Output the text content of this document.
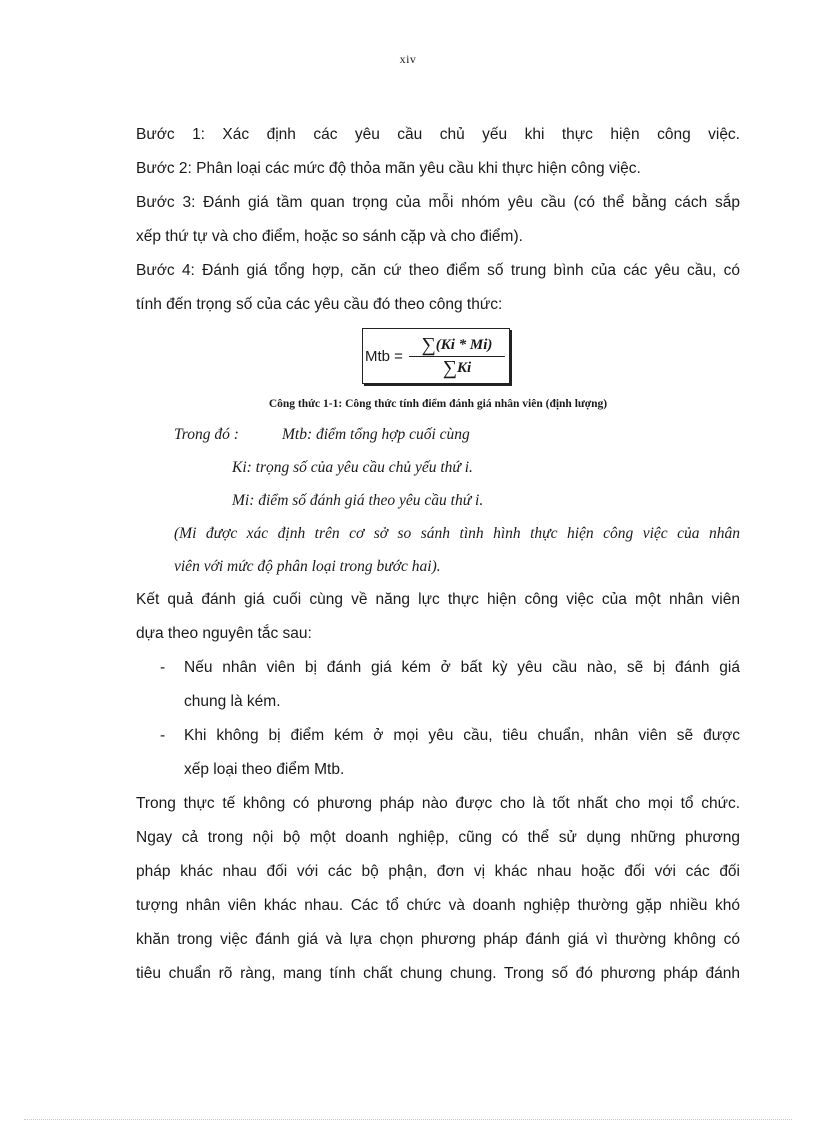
xiv
Bước 1: Xác định các yêu cầu chủ yếu khi thực hiện công việc.
Bước 2: Phân loại các mức độ thỏa mãn yêu cầu khi thực hiện công việc.
Bước 3: Đánh giá tầm quan trọng của mỗi nhóm yêu cầu (có thể bằng cách sắp
xếp thứ tự và cho điểm, hoặc so sánh cặp và cho điểm).
Bước 4: Đánh giá tổng hợp, căn cứ theo điểm số trung bình của các yêu cầu, có
tính đến trọng số của các yêu cầu đó theo công thức:
Mtb = $\frac{\sum(Ki * Mi)}{\sum Ki}$
Công thức 1-1: Công thức tính điểm đánh giá nhân viên (định lượng)
Trong đó :	Mtb: điểm tổng hợp cuối cùng
Ki: trọng số của yêu cầu chủ yếu thứ i.
Mi: điểm số đánh giá theo yêu cầu thứ i.
(Mi được xác định trên cơ sở so sánh tình hình thực hiện công việc của nhân
viên với mức độ phân loại trong bước hai).
Kết quả đánh giá cuối cùng về năng lực thực hiện công việc của một nhân viên
dựa theo nguyên tắc sau:
-	Nếu nhân viên bị đánh giá kém ở bất kỳ yêu cầu nào, sẽ bị đánh giá
chung là kém.
-	Khi không bị điểm kém ở mọi yêu cầu, tiêu chuẩn, nhân viên sẽ được
xếp loại theo điểm Mtb.
Trong thực tế không có phương pháp nào được cho là tốt nhất cho mọi tổ chức.
Ngay cả trong nội bộ một doanh nghiệp, cũng có thể sử dụng những phương
pháp khác nhau đối với các bộ phận, đơn vị khác nhau hoặc đối với các đối
tượng nhân viên khác nhau. Các tổ chức và doanh nghiệp thường gặp nhiều khó
khăn trong việc đánh giá và lựa chọn phương pháp đánh giá vì thường không có
tiêu chuẩn rõ ràng, mang tính chất chung chung. Trong số đó phương pháp đánh
